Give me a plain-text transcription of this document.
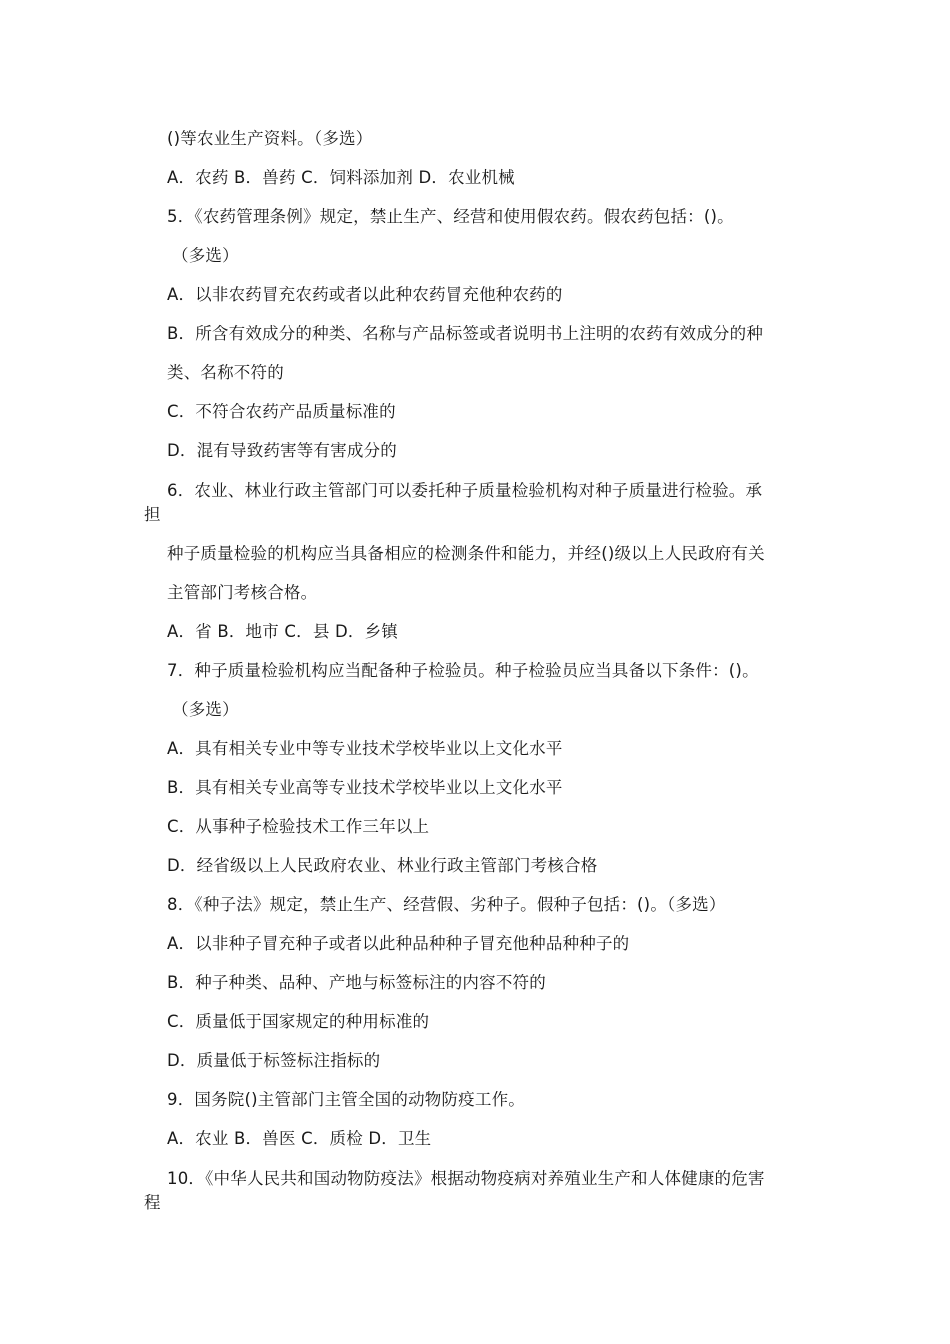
()等农业生产资料。（多选）
A．农药 B．兽药 C．饲料添加剂 D．农业机械
5．《农药管理条例》规定，禁止生产、经营和使用假农药。假农药包括：()。
（多选）
A．以非农药冒充农药或者以此种农药冒充他种农药的
B．所含有效成分的种类、名称与产品标签或者说明书上注明的农药有效成分的种
类、名称不符的
C．不符合农药产品质量标准的
D．混有导致药害等有害成分的
6．农业、林业行政主管部门可以委托种子质量检验机构对种子质量进行检验。承
担
种子质量检验的机构应当具备相应的检测条件和能力，并经()级以上人民政府有关
主管部门考核合格。
A．省 B．地市 C．县 D．乡镇
7．种子质量检验机构应当配备种子检验员。种子检验员应当具备以下条件：()。
（多选）
A．具有相关专业中等专业技术学校毕业以上文化水平
B．具有相关专业高等专业技术学校毕业以上文化水平
C．从事种子检验技术工作三年以上
D．经省级以上人民政府农业、林业行政主管部门考核合格
8．《种子法》规定，禁止生产、经营假、劣种子。假种子包括：()。（多选）
A．以非种子冒充种子或者以此种品种种子冒充他种品种种子的
B．种子种类、品种、产地与标签标注的内容不符的
C．质量低于国家规定的种用标准的
D．质量低于标签标注指标的
9．国务院()主管部门主管全国的动物防疫工作。
A．农业 B．兽医 C．质检 D．卫生
10．《中华人民共和国动物防疫法》根据动物疫病对养殖业生产和人体健康的危害
程
